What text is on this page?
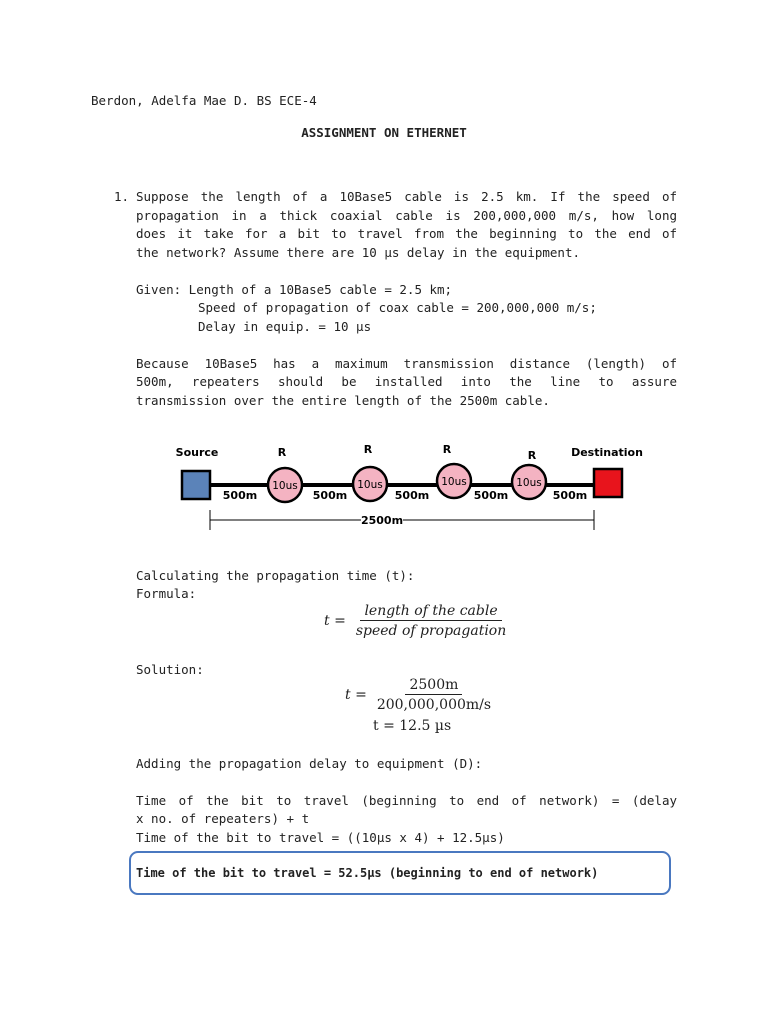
Berdon, Adelfa Mae D. BS ECE-4
ASSIGNMENT ON ETHERNET
1. Suppose the length of a 10Base5 cable is 2.5 km. If the speed of
propagation in a thick coaxial cable is 200,000,000 m/s, how long
does it take for a bit to travel from the beginning to the end of
the network? Assume there are 10 µs delay in the equipment.
Given: Length of a 10Base5 cable = 2.5 km;
Speed of propagation of coax cable = 200,000,000 m/s;
Delay in equip. = 10 µs
Because 10Base5 has a maximum transmission distance (length) of
500m, repeaters should be installed into the line to assure
transmission over the entire length of the 2500m cable.
10us	10us	10us	10us
Source	Destination
R	R	R	R
500m	500m	500m	500m	500m
2500m
Calculating the propagation time (t):
Formula:
$t = \frac{\text{length of the cable}}{\text{speed of propagation}}$
Solution:
$t = \frac{2500m}{200,000,000m/s}$
t = 12.5 µs
Adding the propagation delay to equipment (D):
Time of the bit to travel (beginning to end of network) = (delay
x no. of repeaters) + t
Time of the bit to travel = ((10µs x 4) + 12.5µs)
Time of the bit to travel = 52.5µs (beginning to end of network)
